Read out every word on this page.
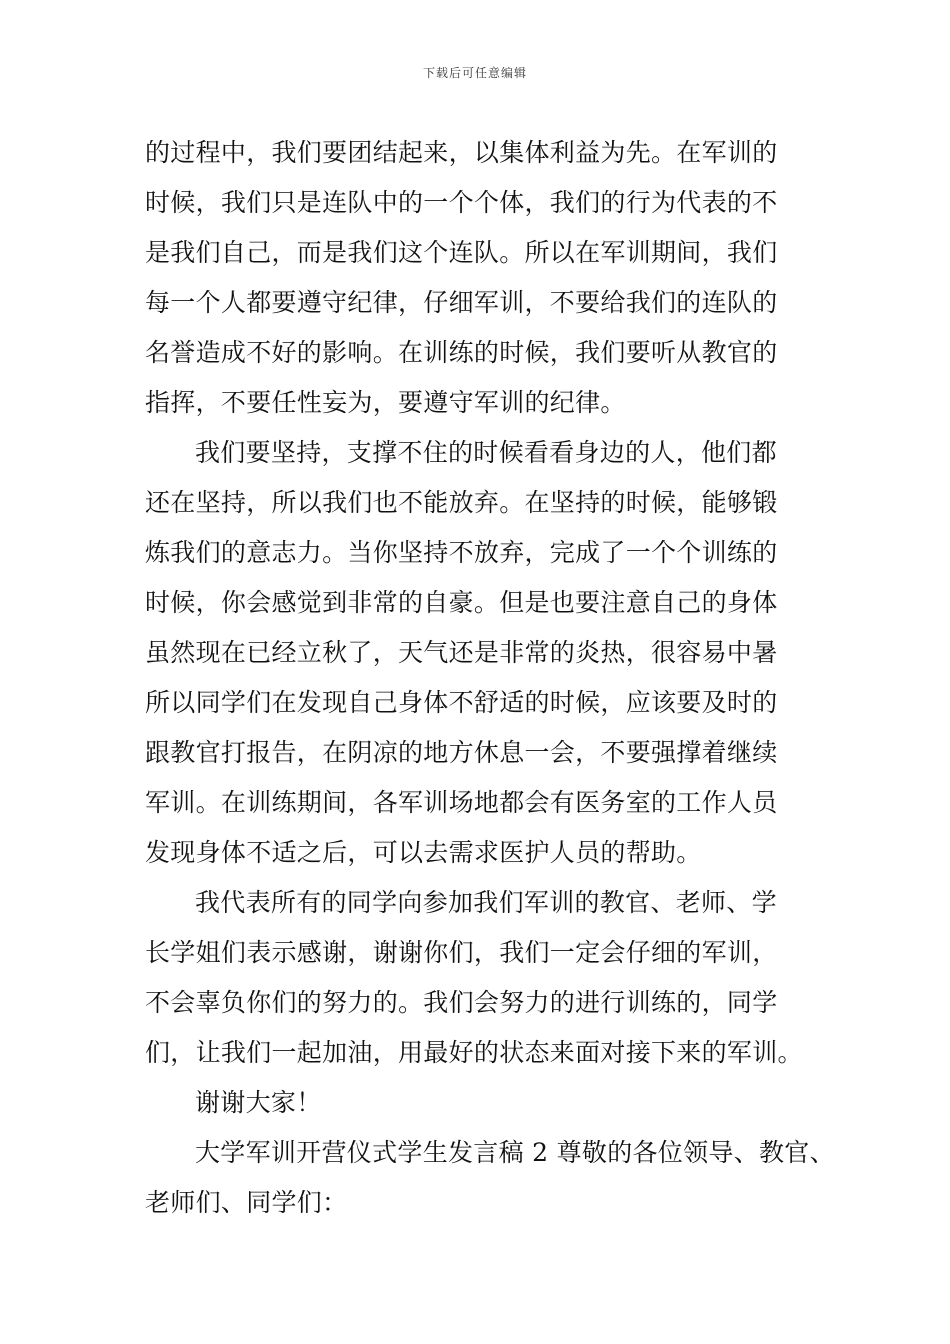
下载后可任意编辑
的过程中，我们要团结起来，以集体利益为先。在军训的
时候，我们只是连队中的一个个体，我们的行为代表的不
是我们自己，而是我们这个连队。所以在军训期间，我们
每一个人都要遵守纪律，仔细军训，不要给我们的连队的
名誉造成不好的影响。在训练的时候，我们要听从教官的
指挥，不要任性妄为，要遵守军训的纪律。
我们要坚持，支撑不住的时候看看身边的人，他们都
还在坚持，所以我们也不能放弃。在坚持的时候，能够锻
炼我们的意志力。当你坚持不放弃，完成了一个个训练的
时候，你会感觉到非常的自豪。但是也要注意自己的身体
虽然现在已经立秋了，天气还是非常的炎热，很容易中暑
所以同学们在发现自己身体不舒适的时候，应该要及时的
跟教官打报告，在阴凉的地方休息一会，不要强撑着继续
军训。在训练期间，各军训场地都会有医务室的工作人员
发现身体不适之后，可以去需求医护人员的帮助。
我代表所有的同学向参加我们军训的教官、老师、学
长学姐们表示感谢，谢谢你们，我们一定会仔细的军训，
不会辜负你们的努力的。我们会努力的进行训练的，同学
们，让我们一起加油，用最好的状态来面对接下来的军训。
谢谢大家！
大学军训开营仪式学生发言稿 2 尊敬的各位领导、教官、
老师们、同学们：
